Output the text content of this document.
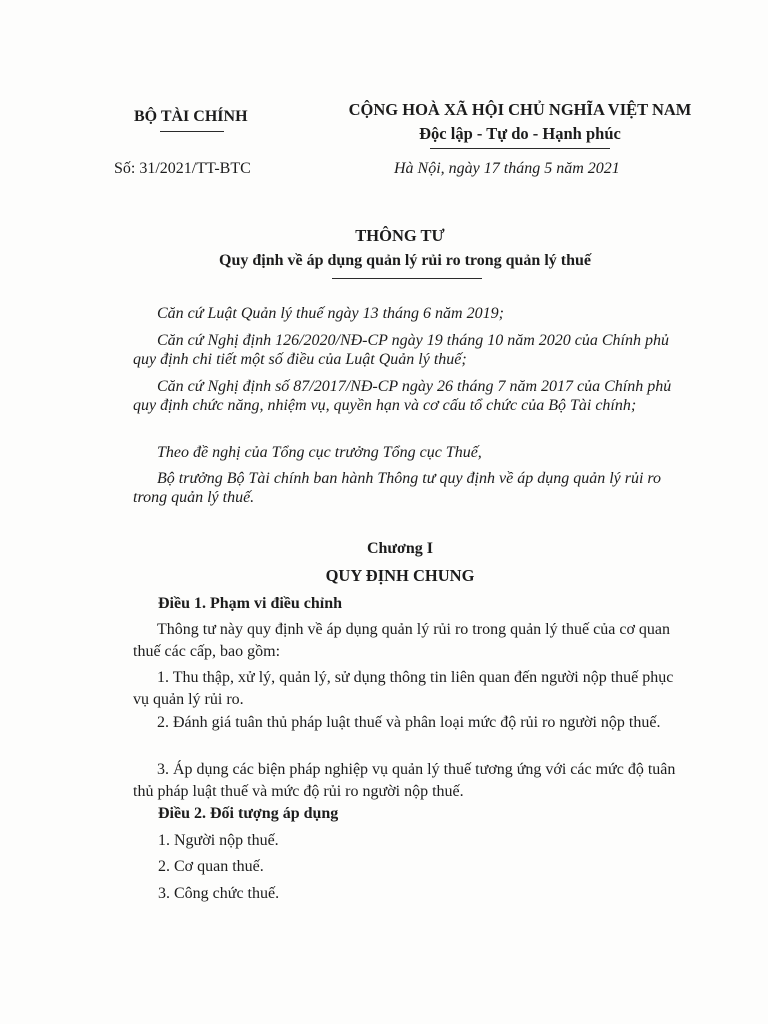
BỘ TÀI CHÍNH
Số: 31/2021/TT-BTC
CỘNG HOÀ XÃ HỘI CHỦ NGHĨA VIỆT NAM
Độc lập - Tự do - Hạnh phúc
Hà Nội, ngày 17 tháng 5 năm 2021
THÔNG TƯ
Quy định về áp dụng quản lý rủi ro trong quản lý thuế
Căn cứ Luật Quản lý thuế ngày 13 tháng 6 năm 2019;
Căn cứ Nghị định 126/2020/NĐ-CP ngày 19 tháng 10 năm 2020 của Chính phủ quy định chi tiết một số điều của Luật Quản lý thuế;
Căn cứ Nghị định số 87/2017/NĐ-CP ngày 26 tháng 7 năm 2017 của Chính phủ quy định chức năng, nhiệm vụ, quyền hạn và cơ cấu tổ chức của Bộ Tài chính;
Theo đề nghị của Tổng cục trưởng Tổng cục Thuế,
Bộ trưởng Bộ Tài chính ban hành Thông tư quy định về áp dụng quản lý rủi ro trong quản lý thuế.
Chương I
QUY ĐỊNH CHUNG
Điều 1. Phạm vi điều chỉnh
Thông tư này quy định về áp dụng quản lý rủi ro trong quản lý thuế của cơ quan thuế các cấp, bao gồm:
1. Thu thập, xử lý, quản lý, sử dụng thông tin liên quan đến người nộp thuế phục vụ quản lý rủi ro.
2. Đánh giá tuân thủ pháp luật thuế và phân loại mức độ rủi ro người nộp thuế.
3. Áp dụng các biện pháp nghiệp vụ quản lý thuế tương ứng với các mức độ tuân thủ pháp luật thuế và mức độ rủi ro người nộp thuế.
Điều 2. Đối tượng áp dụng
1. Người nộp thuế.
2. Cơ quan thuế.
3. Công chức thuế.
